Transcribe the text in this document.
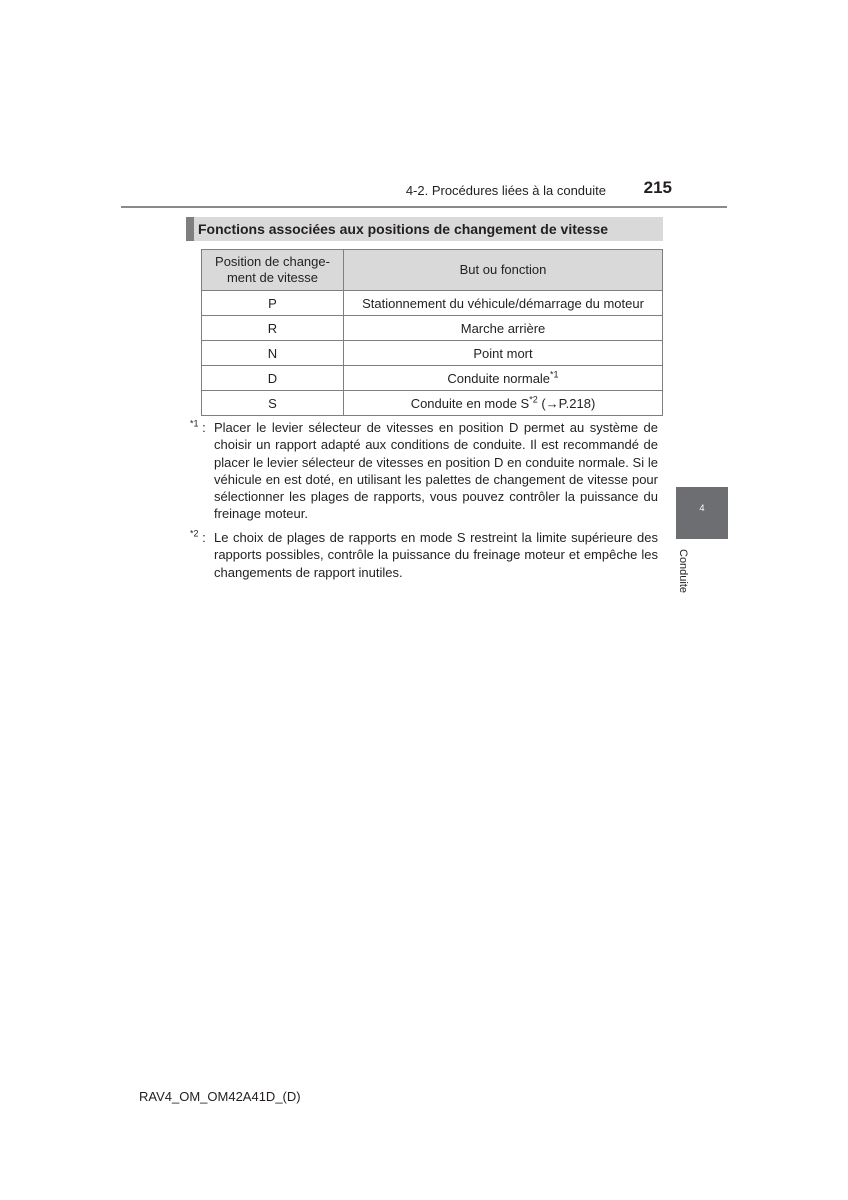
4-2. Procédures liées à la conduite	215
Fonctions associées aux positions de changement de vitesse
Position de change-
ment de vitesse	But ou fonction
P	Stationnement du véhicule/démarrage du moteur
R	Marche arrière
N	Point mort
D	Conduite normale$^{*1}$
S	Conduite en mode $S^{*2}$ (→P.218)
$^{*1}$ : Placer le levier sélecteur de vitesses en position D permet au système de choisir un rapport adapté aux conditions de conduite. Il est recommandé de placer le levier sélecteur de vitesses en position D en conduite normale. Si le véhicule en est doté, en utilisant les palettes de changement de vitesse pour sélectionner les plages de rapports, vous pouvez contrôler la puissance du freinage moteur.
$^{*2}$ : Le choix de plages de rapports en mode S restreint la limite supérieure des rapports possibles, contrôle la puissance du freinage moteur et empêche les changements de rapport inutiles.
4
Conduite
RAV4_OM_OM42A41D_(D)
